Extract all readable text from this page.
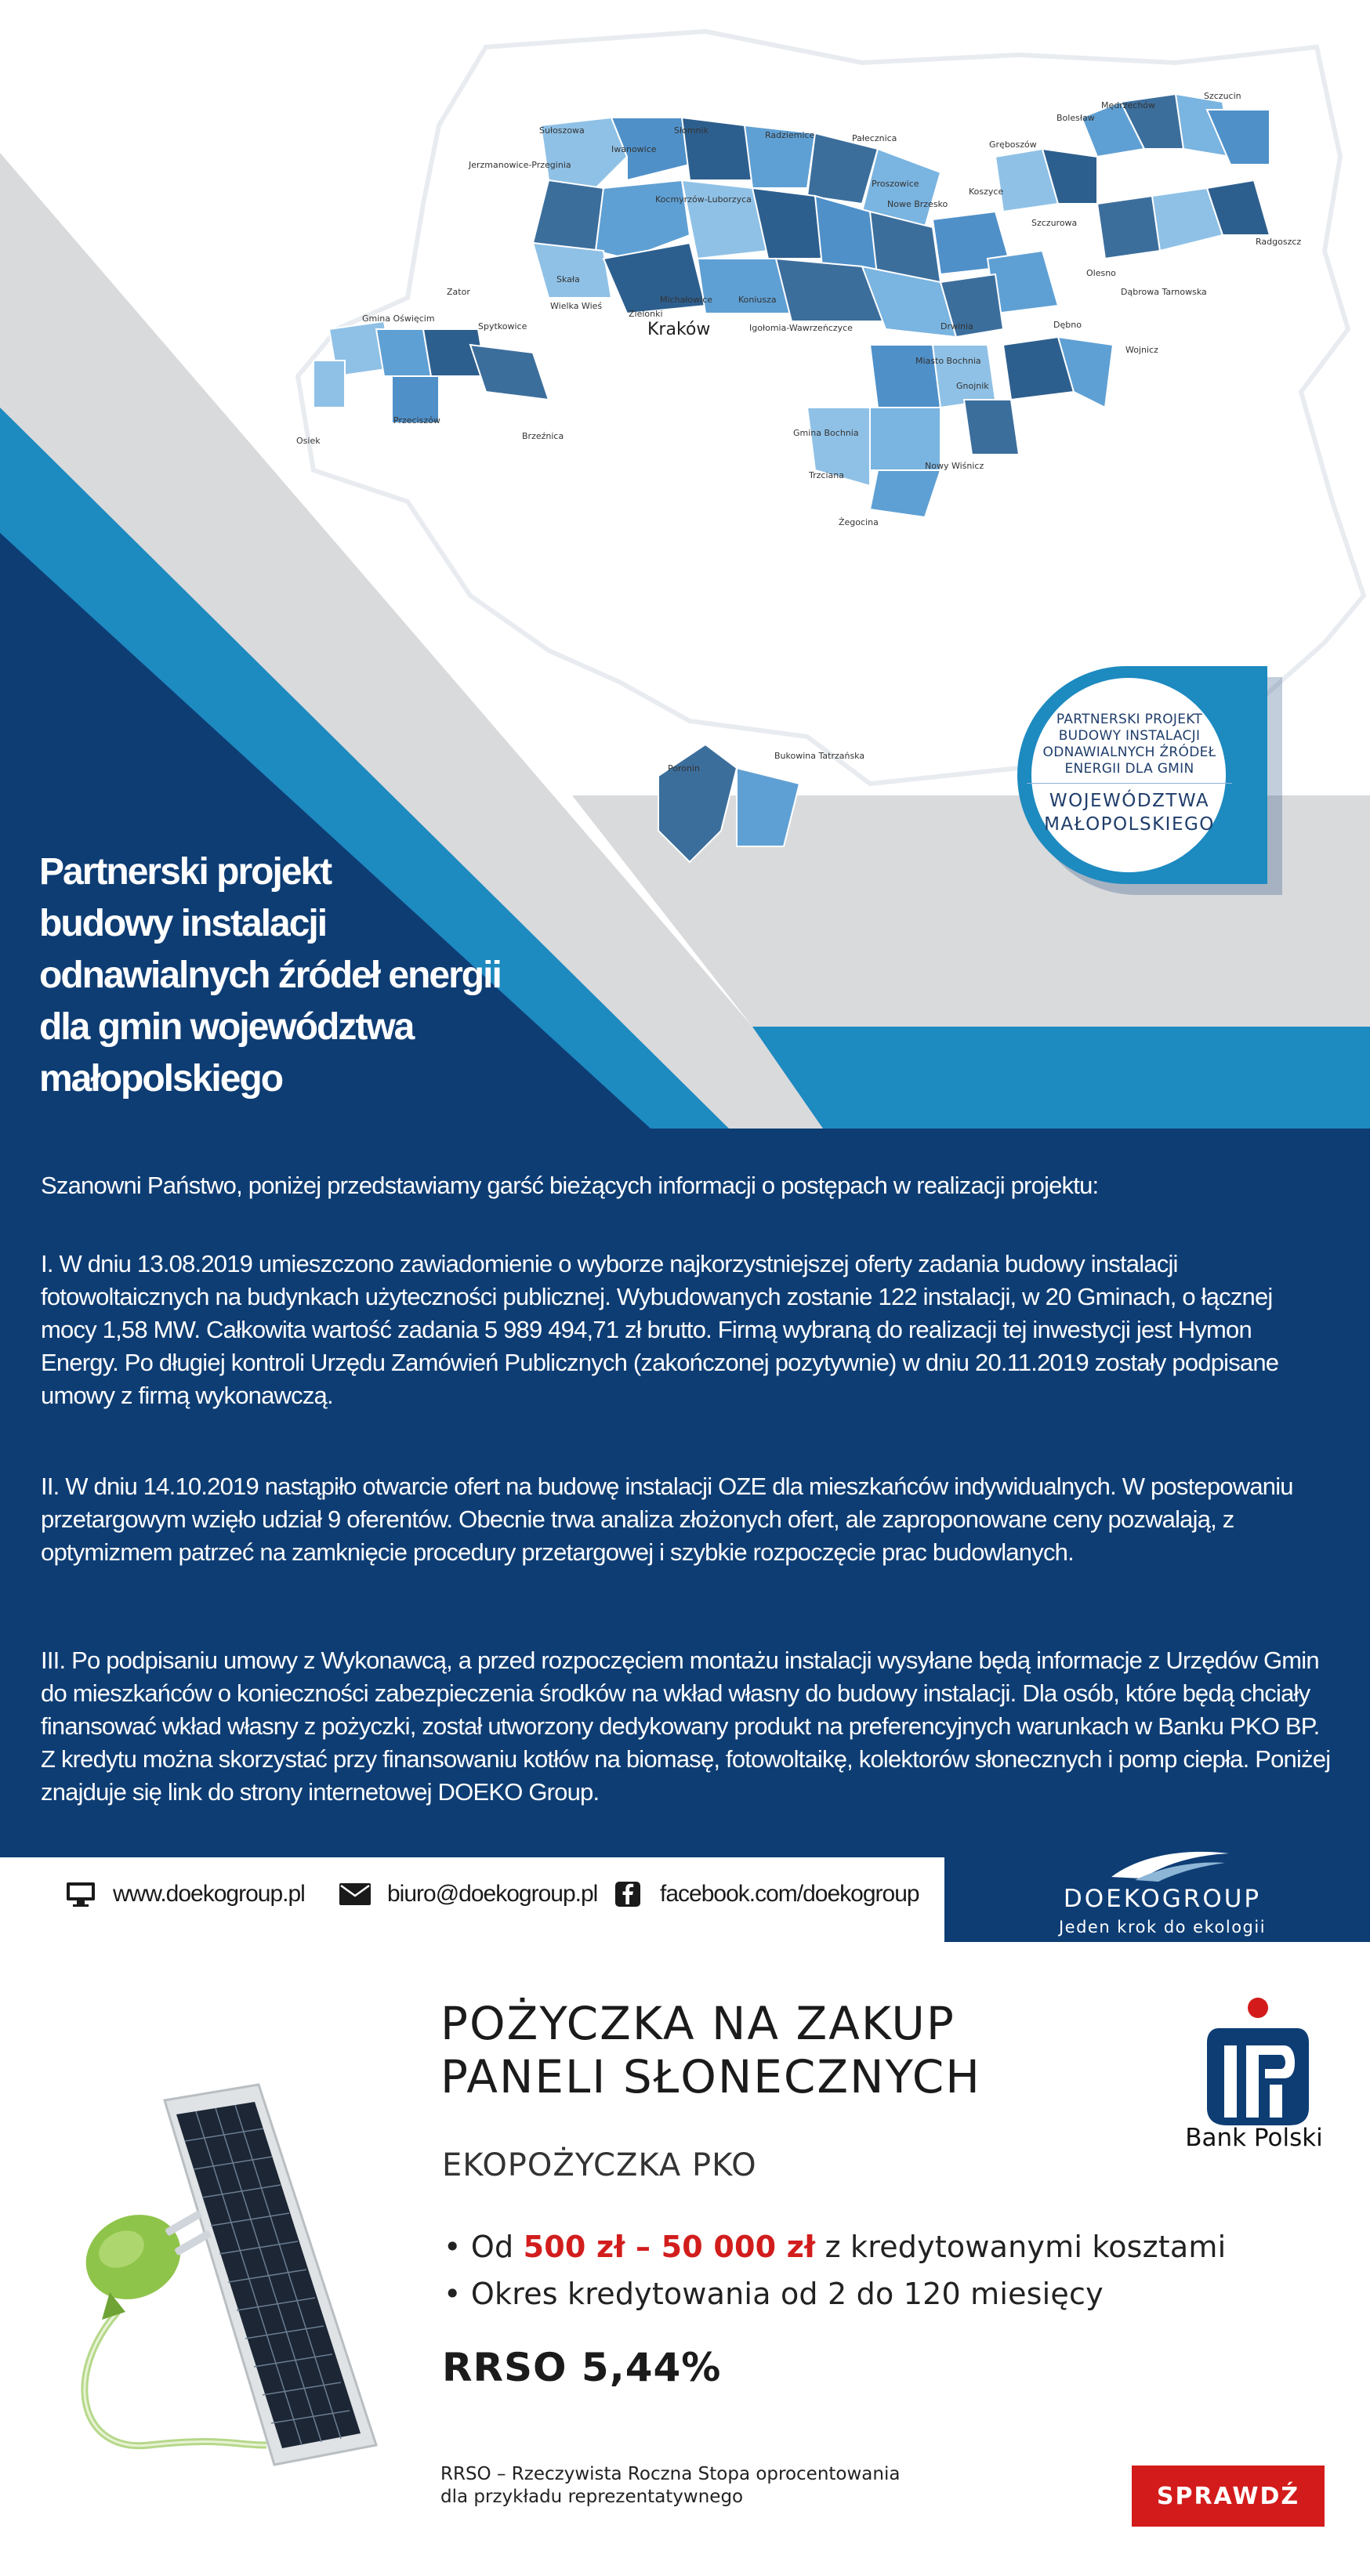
Szczucin
Mędrzechów
Bolesław
Gręboszów
Radgoszcz
Olesno
Dąbrowa Tarnowska
Szczurowa
Koszyce
Nowe Brzesko
Proszowice
Pałecznica
Radziemice
Słomnik
Iwanowice
Sułoszowa
Jerzmanowice-Przeginia
Kocmyrzów-Luborzyca
Skała
Wielka Wieś
Michałowice
Zielonki
Koniusza
Kraków	Igołomia-Wawrzeńczyce	Drwinia	Dębno
Wojnicz
Miasto Bochnia
Gnojnik
Gmina Bochnia
Nowy Wiśnicz
Trzciana
Żegocina
Zator
Spytkowice
Gmina Oświęcim
Przeciszów
Osiek	Brzeźnica
Poronin
Bukowina Tatrzańska
PARTNERSKI PROJEKT
BUDOWY INSTALACJI
ODNAWIALNYCH ŹRÓDEŁ
ENERGII DLA GMIN
WOJEWÓDZTWA
MAŁOPOLSKIEGO
Partnerski projekt
budowy instalacji
odnawialnych źródeł energii
dla gmin województwa
małopolskiego

Szanowni Państwo, poniżej przedstawiamy garść bieżących informacji o postępach w realizacji projektu:

I. W dniu 13.08.2019 umieszczono zawiadomienie o wyborze najkorzystniejszej oferty zadania budowy instalacji fotowoltaicznych na budynkach użyteczności publicznej. Wybudowanych zostanie 122 instalacji, w 20 Gminach, o łącznej mocy 1,58 MW. Całkowita wartość zadania 5 989 494,71 zł brutto. Firmą wybraną do realizacji tej inwestycji jest Hymon Energy. Po długiej kontroli Urzędu Zamówień Publicznych (zakończonej pozytywnie) w dniu 20.11.2019 zostały podpisane umowy z firmą wykonawczą.

II. W dniu 14.10.2019 nastąpiło otwarcie ofert na budowę instalacji OZE dla mieszkańców indywidualnych. W postepowaniu przetargowym wzięło udział 9 oferentów. Obecnie trwa analiza złożonych ofert, ale zaproponowane ceny pozwalają, z optymizmem patrzeć na zamknięcie procedury przetargowej i szybkie rozpoczęcie prac budowlanych.

III. Po podpisaniu umowy z Wykonawcą, a przed rozpoczęciem montażu instalacji wysyłane będą informacje z Urzędów Gmin do mieszkańców o konieczności zabezpieczenia środków na wkład własny do budowy instalacji. Dla osób, które będą chciały finansować wkład własny z pożyczki, został utworzony dedykowany produkt na preferencyjnych warunkach w Banku PKO BP. Z kredytu można skorzystać przy finansowaniu kotłów na biomasę, fotowoltaikę, kolektorów słonecznych i pomp ciepła. Poniżej znajduje się link do strony internetowej DOEKO Group.

www.doekogroup.pl	biuro@doekogroup.pl	facebook.com/doekogroup	DOEKOGROUP
Jeden krok do ekologii
POŻYCZKA NA ZAKUP
PANELI SŁONECZNYCH
EKOPOŻYCZKA PKO
• Od 500 zł – 50 000 zł z kredytowanymi kosztami
• Okres kredytowania od 2 do 120 miesięcy
RRSO 5,44%
RRSO – Rzeczywista Roczna Stopa oprocentowania
dla przykładu reprezentatywnego	SPRAWDŹ
Bank Polski
